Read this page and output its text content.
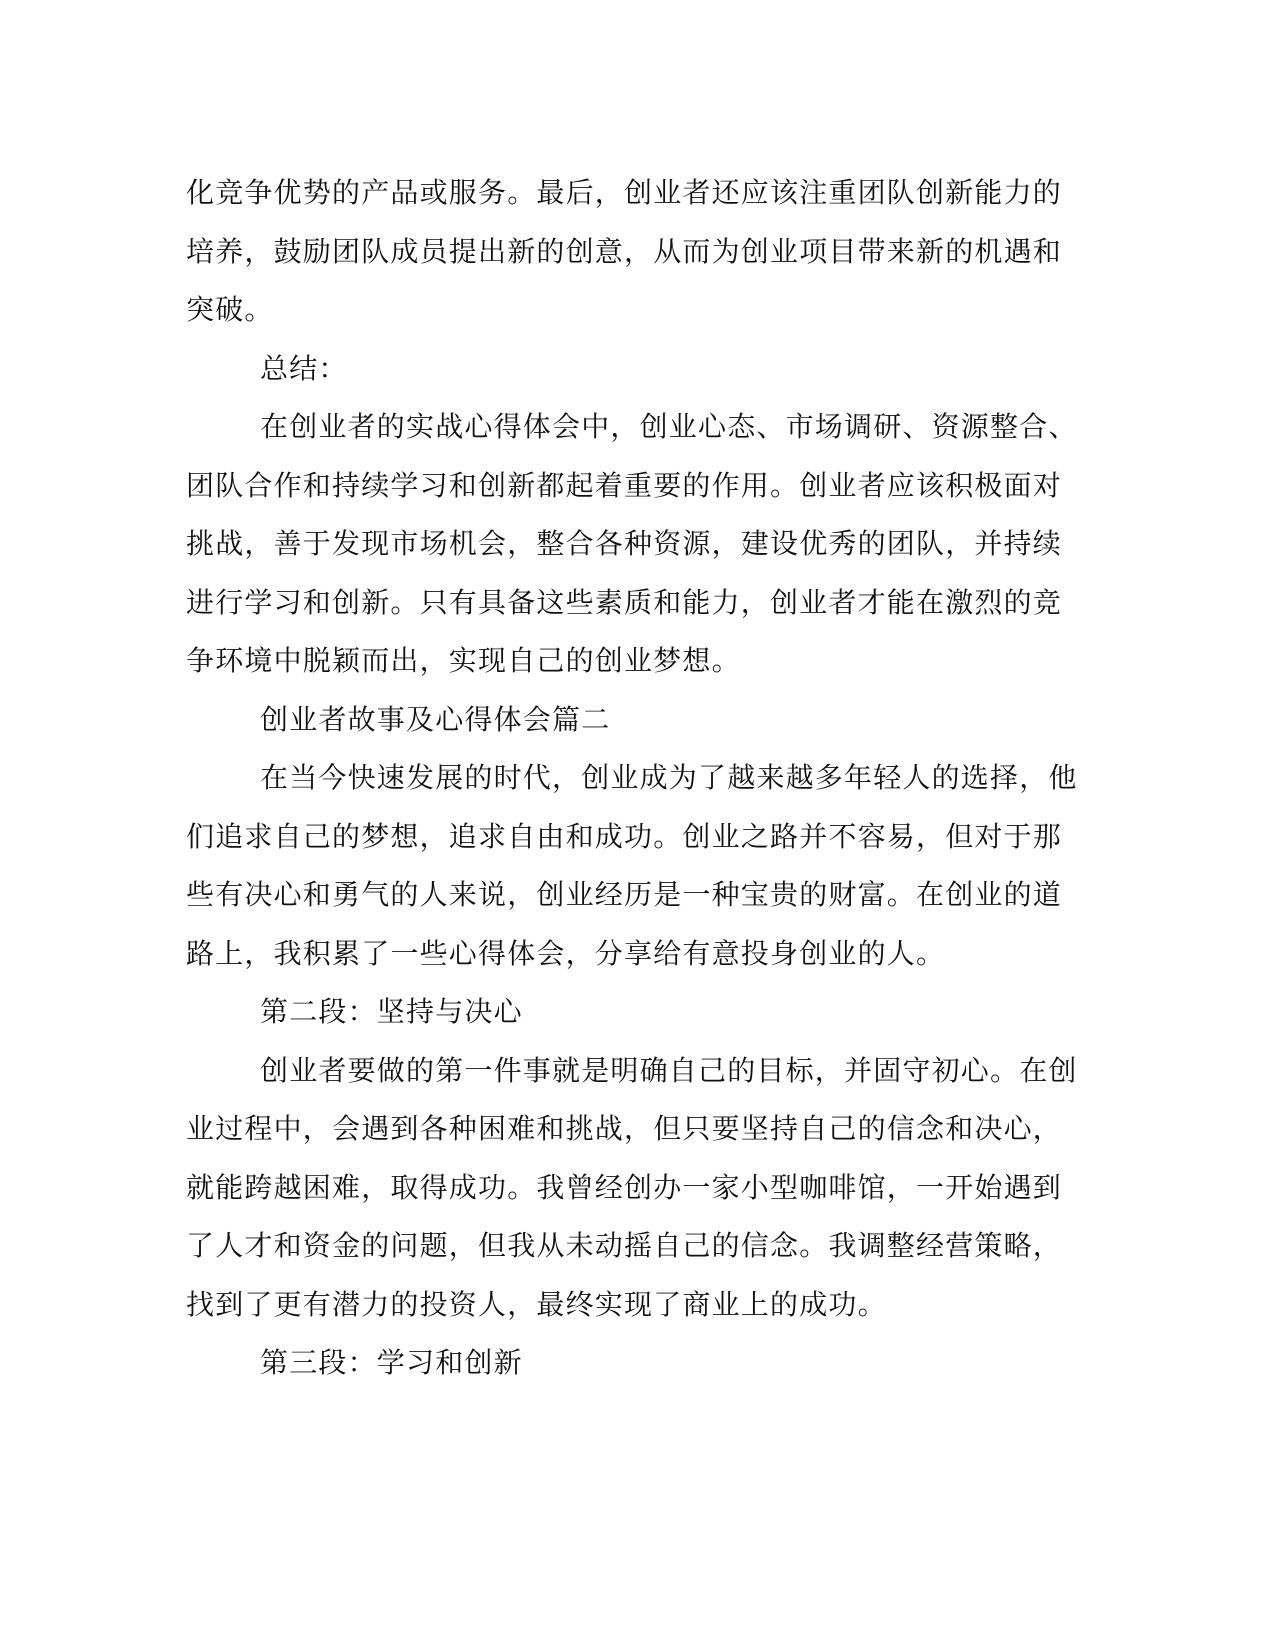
化竞争优势的产品或服务。最后，创业者还应该注重团队创新能力的
培养，鼓励团队成员提出新的创意，从而为创业项目带来新的机遇和
突破。
总结：
在创业者的实战心得体会中，创业心态、市场调研、资源整合、
团队合作和持续学习和创新都起着重要的作用。创业者应该积极面对
挑战，善于发现市场机会，整合各种资源，建设优秀的团队，并持续
进行学习和创新。只有具备这些素质和能力，创业者才能在激烈的竞
争环境中脱颖而出，实现自己的创业梦想。
创业者故事及心得体会篇二
在当今快速发展的时代，创业成为了越来越多年轻人的选择，他
们追求自己的梦想，追求自由和成功。创业之路并不容易，但对于那
些有决心和勇气的人来说，创业经历是一种宝贵的财富。在创业的道
路上，我积累了一些心得体会，分享给有意投身创业的人。
第二段：坚持与决心
创业者要做的第一件事就是明确自己的目标，并固守初心。在创
业过程中，会遇到各种困难和挑战，但只要坚持自己的信念和决心，
就能跨越困难，取得成功。我曾经创办一家小型咖啡馆，一开始遇到
了人才和资金的问题，但我从未动摇自己的信念。我调整经营策略，
找到了更有潜力的投资人，最终实现了商业上的成功。
第三段：学习和创新
